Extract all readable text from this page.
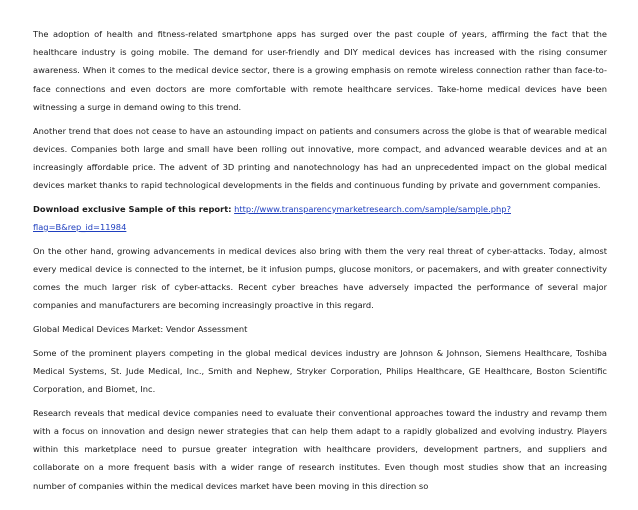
The adoption of health and fitness-related smartphone apps has surged over the past couple of years, affirming the fact that the healthcare industry is going mobile. The demand for user-friendly and DIY medical devices has increased with the rising consumer awareness. When it comes to the medical device sector, there is a growing emphasis on remote wireless connection rather than face-to-face connections and even doctors are more comfortable with remote healthcare services. Take-home medical devices have been witnessing a surge in demand owing to this trend.

Another trend that does not cease to have an astounding impact on patients and consumers across the globe is that of wearable medical devices. Companies both large and small have been rolling out innovative, more compact, and advanced wearable devices and at an increasingly affordable price. The advent of 3D printing and nanotechnology has had an unprecedented impact on the global medical devices market thanks to rapid technological developments in the fields and continuous funding by private and government companies.

Download exclusive Sample of this report: http://www.transparencymarketresearch.com/sample/sample.php?
flag=B&rep_id=11984

On the other hand, growing advancements in medical devices also bring with them the very real threat of cyber-attacks. Today, almost every medical device is connected to the internet, be it infusion pumps, glucose monitors, or pacemakers, and with greater connectivity comes the much larger risk of cyber-attacks. Recent cyber breaches have adversely impacted the performance of several major companies and manufacturers are becoming increasingly proactive in this regard.

Global Medical Devices Market: Vendor Assessment

Some of the prominent players competing in the global medical devices industry are Johnson & Johnson, Siemens Healthcare, Toshiba Medical Systems, St. Jude Medical, Inc., Smith and Nephew, Stryker Corporation, Philips Healthcare, GE Healthcare, Boston Scientific Corporation, and Biomet, Inc.

Research reveals that medical device companies need to evaluate their conventional approaches toward the industry and revamp them with a focus on innovation and design newer strategies that can help them adapt to a rapidly globalized and evolving industry. Players within this marketplace need to pursue greater integration with healthcare providers, development partners, and suppliers and collaborate on a more frequent basis with a wider range of research institutes. Even though most studies show that an increasing number of companies within the medical devices market have been moving in this direction so
